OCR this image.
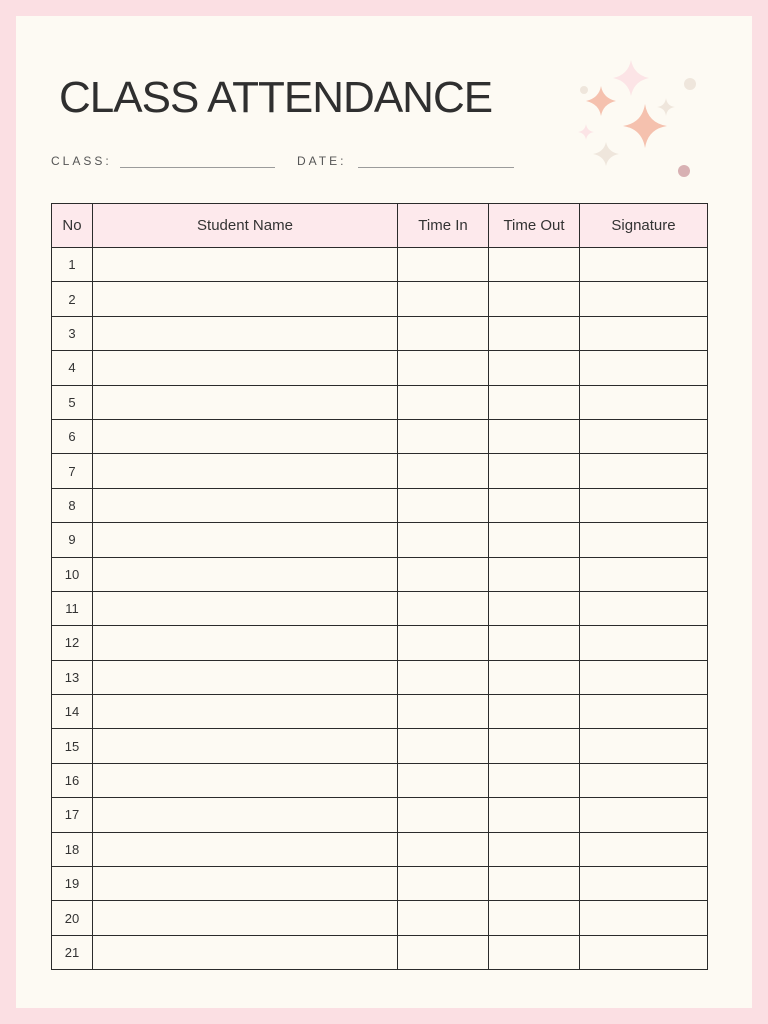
CLASS ATTENDANCE
CLASS:	DATE:
No	Student Name	Time In	Time Out	Signature
1				
2				
3				
4				
5				
6				
7				
8				
9				
10				
11				
12				
13				
14				
15				
16				
17				
18				
19				
20				
21				
